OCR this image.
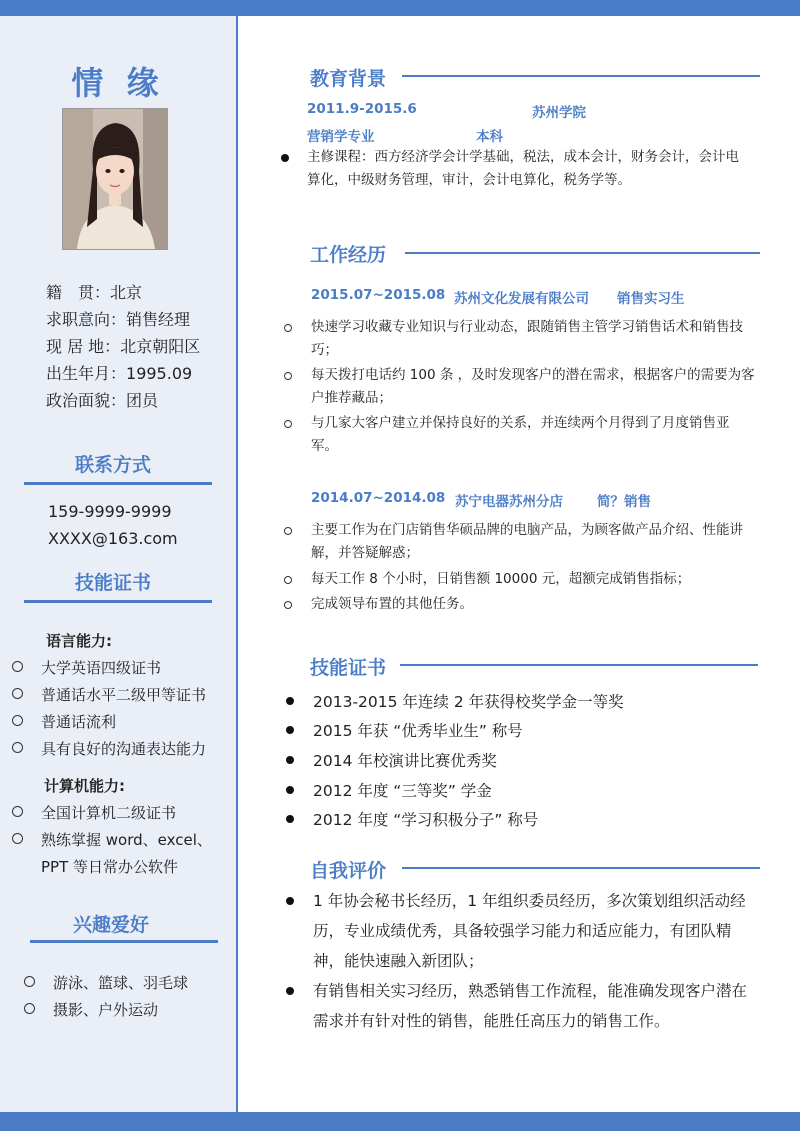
情 缘
籍　贯：北京
求职意向：销售经理
现 居 地：北京朝阳区
出生年月：1995.09
政治面貌：团员
联系方式
159-9999-9999
XXXX@163.com
技能证书
语言能力:
大学英语四级证书
普通话水平二级甲等证书
普通话流利
具有良好的沟通表达能力
计算机能力:
全国计算机二级证书
熟练掌握 word、excel、
PPT 等日常办公软件
兴趣爱好
游泳、篮球、羽毛球
摄影、户外运动
教育背景
2011.9-2015.6	苏州学院
营销学专业	本科
主修课程：西方经济学会计学基础，税法，成本会计，财务会计，会计电算化，中级财务管理，审计，会计电算化，税务学等。
工作经历
2015.07~2015.08 苏州文化发展有限公司 销售实习生
快速学习收藏专业知识与行业动态，跟随销售主管学习销售话术和销售技巧；
每天拨打电话约 100 条 ，及时发现客户的潜在需求，根据客户的需要为客户推荐藏品；
与几家大客户建立并保持良好的关系，并连续两个月得到了月度销售亚军。
2014.07~2014.08 苏宁电器苏州分店	简？销售
主要工作为在门店销售华硕品牌的电脑产品，为顾客做产品介绍、性能讲解，并答疑解惑；
每天工作 8 个小时，日销售额 10000 元，超额完成销售指标；
完成领导布置的其他任务。
技能证书
2013-2015 年连续 2 年获得校奖学金一等奖
2015 年获 “优秀毕业生” 称号
2014 年校演讲比赛优秀奖
2012 年度 “三等奖” 学金
2012 年度 “学习积极分子” 称号
自我评价
1 年协会秘书长经历，1 年组织委员经历，多次策划组织活动经历，专业成绩优秀，具备较强学习能力和适应能力，有团队精神，能快速融入新团队；
有销售相关实习经历，熟悉销售工作流程，能准确发现客户潜在需求并有针对性的销售，能胜任高压力的销售工作。
